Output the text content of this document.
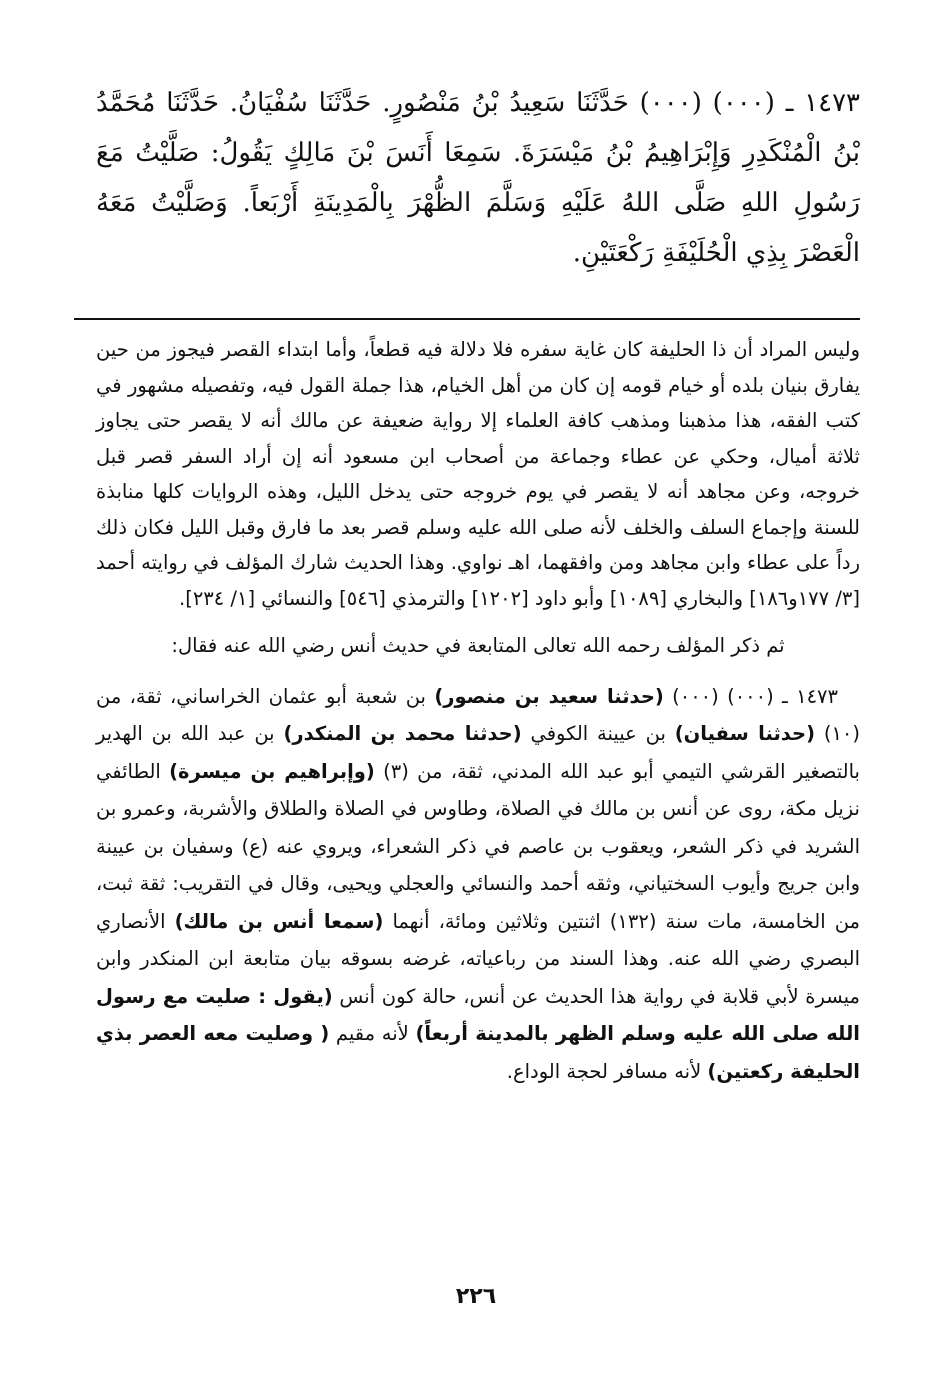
١٤٧٣ ـ (٠٠٠) (٠٠٠) حَدَّثَنَا سَعِيدُ بْنُ مَنْصُورٍ. حَدَّثَنَا سُفْيَانُ. حَدَّثَنَا مُحَمَّدُ بْنُ الْمُنْكَدِرِ وَإِبْرَاهِيمُ بْنُ مَيْسَرَةَ. سَمِعَا أَنَسَ بْنَ مَالِكٍ يَقُولُ: صَلَّيْتُ مَعَ رَسُولِ اللهِ صَلَّى اللهُ عَلَيْهِ وَسَلَّمَ الظُّهْرَ بِالْمَدِينَةِ أَرْبَعاً. وَصَلَّيْتُ مَعَهُ الْعَصْرَ بِذِي الْحُلَيْفَةِ رَكْعَتَيْنِ.

وليس المراد أن ذا الحليفة كان غاية سفره فلا دلالة فيه قطعاً، وأما ابتداء القصر فيجوز من حين يفارق بنيان بلده أو خيام قومه إن كان من أهل الخيام، هذا جملة القول فيه، وتفصيله مشهور في كتب الفقه، هذا مذهبنا ومذهب كافة العلماء إلا رواية ضعيفة عن مالك أنه لا يقصر حتى يجاوز ثلاثة أميال، وحكي عن عطاء وجماعة من أصحاب ابن مسعود أنه إن أراد السفر قصر قبل خروجه، وعن مجاهد أنه لا يقصر في يوم خروجه حتى يدخل الليل، وهذه الروايات كلها منابذة للسنة وإجماع السلف والخلف لأنه صلى الله عليه وسلم قصر بعد ما فارق وقبل الليل فكان ذلك رداً على عطاء وابن مجاهد ومن وافقهما، اهـ نواوي. وهذا الحديث شارك المؤلف في روايته أحمد [٣/ ١٧٧و١٨٦] والبخاري [١٠٨٩] وأبو داود [١٢٠٢] والترمذي [٥٤٦] والنسائي [١/ ٢٣٤].

ثم ذكر المؤلف رحمه الله تعالى المتابعة في حديث أنس رضي الله عنه فقال:

١٤٧٣ ـ (٠٠٠) (٠٠٠) (حدثنا سعيد بن منصور) بن شعبة أبو عثمان الخراساني، ثقة، من (١٠) (حدثنا سفيان) بن عيينة الكوفي (حدثنا محمد بن المنكدر) بن عبد الله بن الهدير بالتصغير القرشي التيمي أبو عبد الله المدني، ثقة، من (٣) (وإبراهيم بن ميسرة) الطائفي نزيل مكة، روى عن أنس بن مالك في الصلاة، وطاوس في الصلاة والطلاق والأشربة، وعمرو بن الشريد في ذكر الشعر، ويعقوب بن عاصم في ذكر الشعراء، ويروي عنه (ع) وسفيان بن عيينة وابن جريج وأيوب السختياني، وثقه أحمد والنسائي والعجلي ويحيى، وقال في التقريب: ثقة ثبت، من الخامسة، مات سنة (١٣٢) اثنتين وثلاثين ومائة، أنهما (سمعا أنس بن مالك) الأنصاري البصري رضي الله عنه. وهذا السند من رباعياته، غرضه بسوقه بيان متابعة ابن المنكدر وابن ميسرة لأبي قلابة في رواية هذا الحديث عن أنس، حالة كون أنس (يقول : صليت مع رسول الله صلى الله عليه وسلم الظهر بالمدينة أربعاً) لأنه مقيم ( وصليت معه العصر بذي الحليفة ركعتين) لأنه مسافر لحجة الوداع.

٢٢٦
